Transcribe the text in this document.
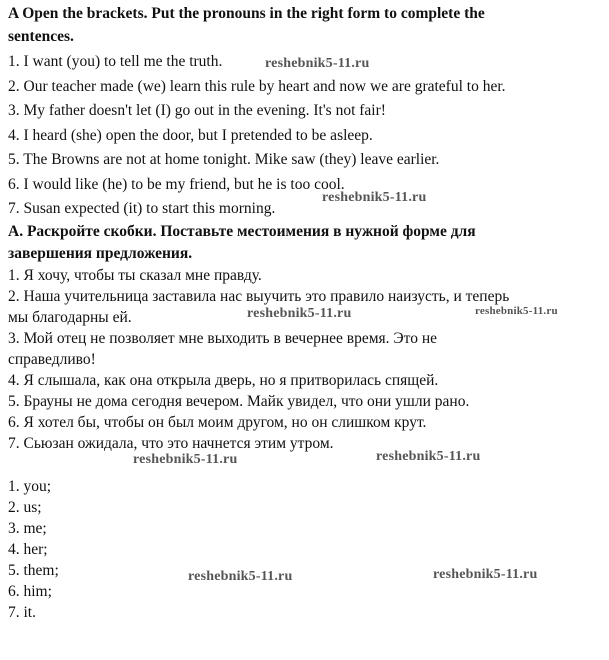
A Open the brackets. Put the pronouns in the right form to complete the
sentences.
1. I want (you) to tell me the truth.
2. Our teacher made (we) learn this rule by heart and now we are grateful to her.
3. My father doesn't let (I) go out in the evening. It's not fair!
4. I heard (she) open the door, but I pretended to be asleep.
5. The Browns are not at home tonight. Mike saw (they) leave earlier.
6. I would like (he) to be my friend, but he is too cool.
7. Susan expected (it) to start this morning.
А. Раскройте скобки. Поставьте местоимения в нужной форме для
завершения предложения.
1. Я хочу, чтобы ты сказал мне правду.
2. Наша учительница заставила нас выучить это правило наизусть, и теперь
мы благодарны ей.
3. Мой отец не позволяет мне выходить в вечернее время. Это не
справедливо!
4. Я слышала, как она открыла дверь, но я притворилась спящей.
5. Брауны не дома сегодня вечером. Майк увидел, что они ушли рано.
6. Я хотел бы, чтобы он был моим другом, но он слишком крут.
7. Сьюзан ожидала, что это начнется этим утром.
1. you;
2. us;
3. me;
4. her;
5. them;
6. him;
7. it.
reshebnik5-11.ru
reshebnik5-11.ru
reshebnik5-11.ru	reshebnik5-11.ru
reshebnik5-11.ru	reshebnik5-11.ru
reshebnik5-11.ru
reshebnik5-11.ru
